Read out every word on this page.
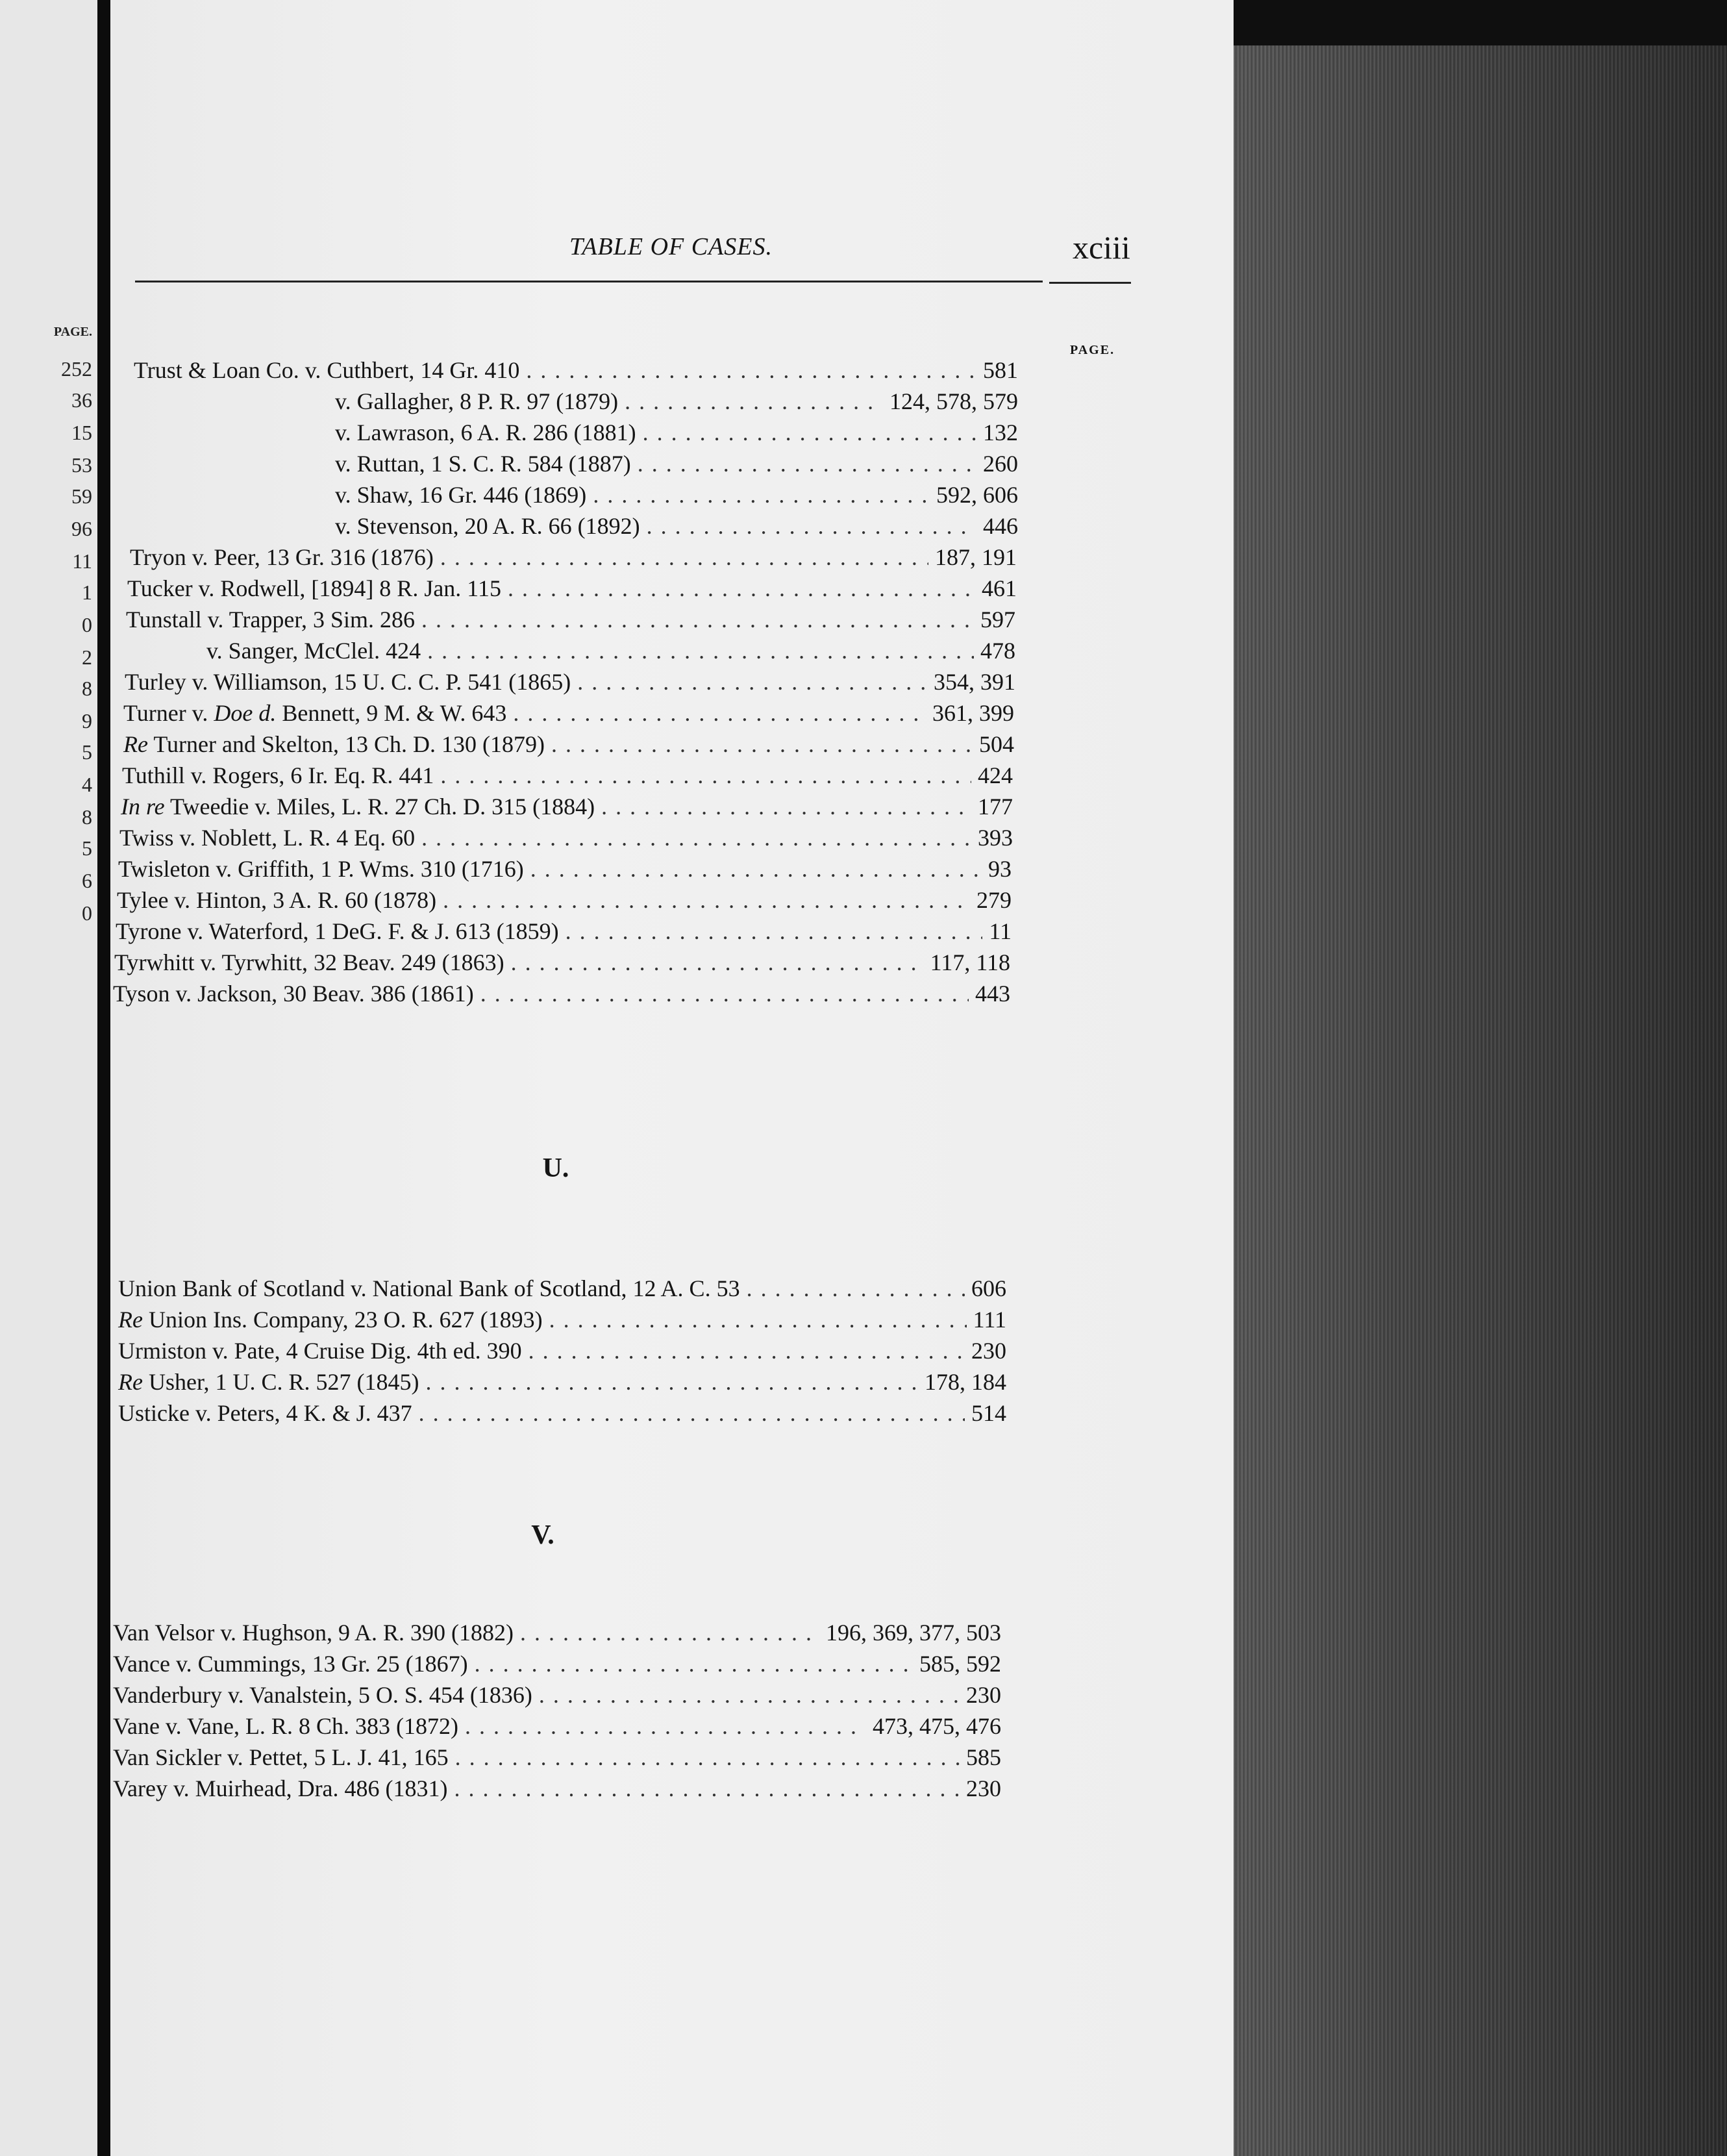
PAGE.
252
36
15
53
59
96
11
1
0
2
8
9
5
4
8
5
6
0
TABLE OF CASES.	xciii
PAGE.
Trust & Loan Co. v. Cuthbert, 14 Gr. 410 . . .	581
v. Gallagher, 8 P. R. 97 (1879) . . .	124, 578, 579
v. Lawrason, 6 A. R. 286 (1881) . . .	132
v. Ruttan, 1 S. C. R. 584 (1887) . . .	260
v. Shaw, 16 Gr. 446 (1869) . . .	592, 606
v. Stevenson, 20 A. R. 66 (1892) . . .	446
Tryon v. Peer, 13 Gr. 316 (1876) . . .	187, 191
Tucker v. Rodwell, [1894] 8 R. Jan. 115 . . .	461
Tunstall v. Trapper, 3 Sim. 286 . . .	597
v. Sanger, McClel. 424 . . .	478
Turley v. Williamson, 15 U. C. C. P. 541 (1865) . . .	354, 391
Turner v. Doe d. Bennett, 9 M. & W. 643 . . .	361, 399
Re Turner and Skelton, 13 Ch. D. 130 (1879) . . .	504
Tuthill v. Rogers, 6 Ir. Eq. R. 441 . . .	424
In re Tweedie v. Miles, L. R. 27 Ch. D. 315 (1884) . . .	177
Twiss v. Noblett, L. R. 4 Eq. 60 . . .	393
Twisleton v. Griffith, 1 P. Wms. 310 (1716) . . .	93
Tylee v. Hinton, 3 A. R. 60 (1878) . . .	279
Tyrone v. Waterford, 1 DeG. F. & J. 613 (1859) . . .	11
Tyrwhitt v. Tyrwhitt, 32 Beav. 249 (1863) . . .	117, 118
Tyson v. Jackson, 30 Beav. 386 (1861) . . .	443
U.
Union Bank of Scotland v. National Bank of Scotland, 12 A. C. 53 . . .	606
Re Union Ins. Company, 23 O. R. 627 (1893) . . .	111
Urmiston v. Pate, 4 Cruise Dig. 4th ed. 390 . . .	230
Re Usher, 1 U. C. R. 527 (1845) . . .	178, 184
Usticke v. Peters, 4 K. & J. 437 . . .	514
V.
Van Velsor v. Hughson, 9 A. R. 390 (1882) . . .	196, 369, 377, 503
Vance v. Cummings, 13 Gr. 25 (1867) . . .	585, 592
Vanderbury v. Vanalstein, 5 O. S. 454 (1836) . . .	230
Vane v. Vane, L. R. 8 Ch. 383 (1872) . . .	473, 475, 476
Van Sickler v. Pettet, 5 L. J. 41, 165 . . .	585
Varey v. Muirhead, Dra. 486 (1831) . . .	230
